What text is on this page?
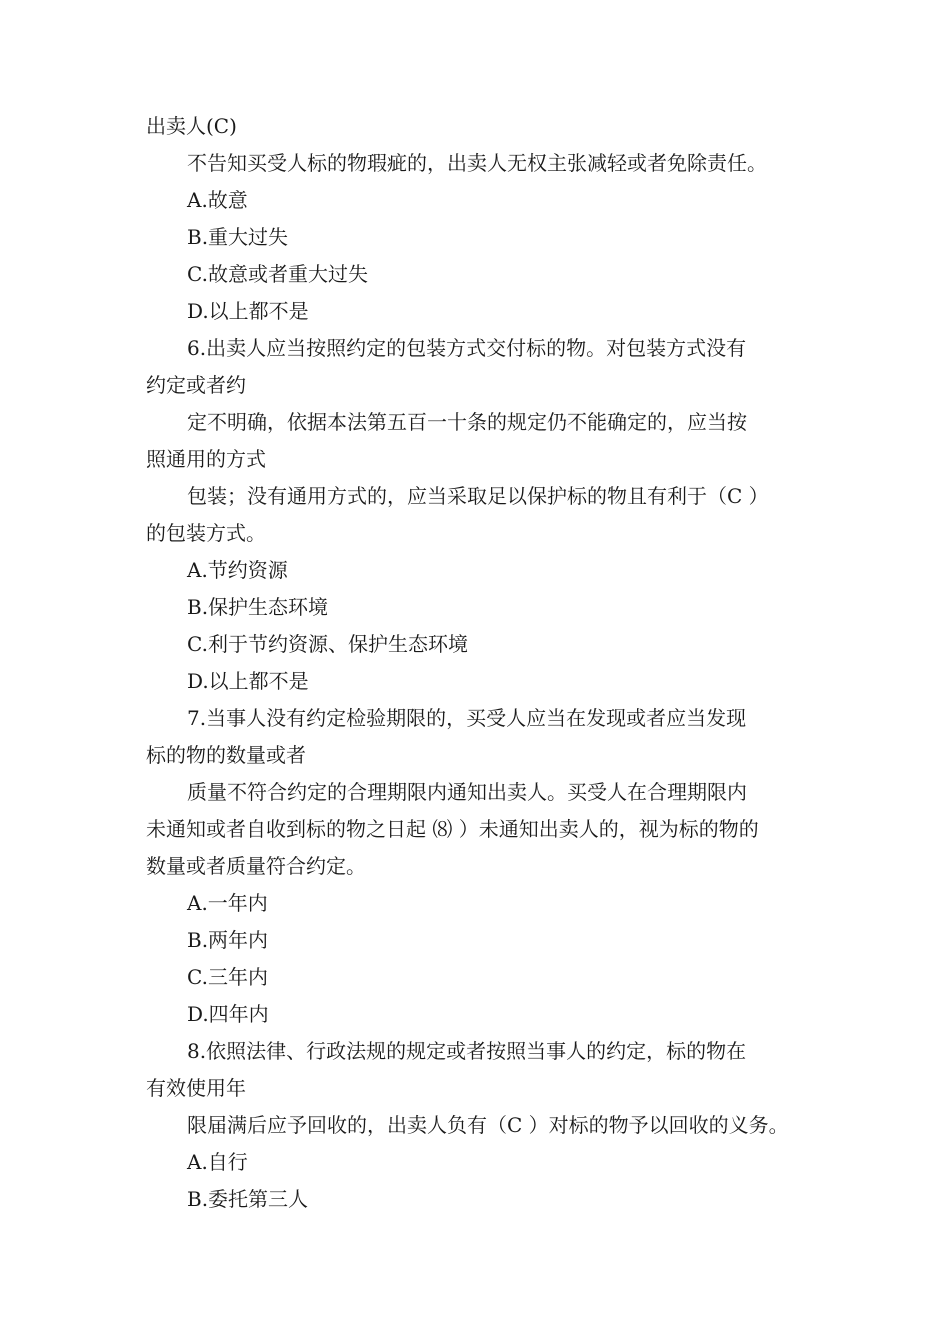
出卖人(C)
不告知买受人标的物瑕疵的，出卖人无权主张减轻或者免除责任。
A.故意
B.重大过失
C.故意或者重大过失
D.以上都不是
6.出卖人应当按照约定的包装方式交付标的物。对包装方式没有
约定或者约
定不明确，依据本法第五百一十条的规定仍不能确定的，应当按
照通用的方式
包装；没有通用方式的，应当采取足以保护标的物且有利于（C ）
的包装方式。
A.节约资源
B.保护生态环境
C.利于节约资源、保护生态环境
D.以上都不是
7.当事人没有约定检验期限的，买受人应当在发现或者应当发现
标的物的数量或者
质量不符合约定的合理期限内通知出卖人。买受人在合理期限内
未通知或者自收到标的物之日起 ⑻ ）未通知出卖人的，视为标的物的
数量或者质量符合约定。
A.一年内
B.两年内
C.三年内
D.四年内
8.依照法律、行政法规的规定或者按照当事人的约定，标的物在
有效使用年
限届满后应予回收的，出卖人负有（C ）对标的物予以回收的义务。
A.自行
B.委托第三人
